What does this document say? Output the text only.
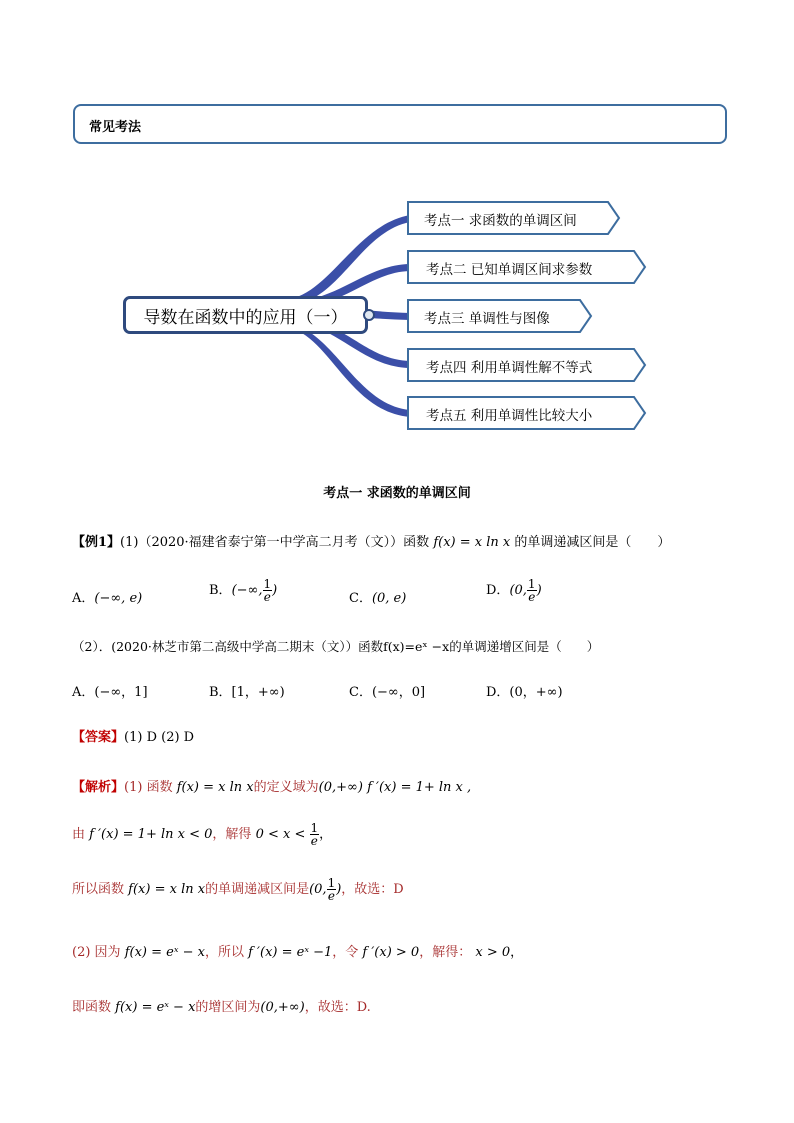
常见考法
导数在函数中的应用（一）
考点一 求函数的单调区间
考点二 已知单调区间求参数
考点三 单调性与图像
考点四 利用单调性解不等式
考点五 利用单调性比较大小
考点一 求函数的单调区间
【例1】(1)（2020·福建省泰宁第一中学高二月考（文））函数 f(x) = x ln x 的单调递减区间是（　　）
A．(−∞, e)
B．(−∞, $\frac{1}{e}$ )
C．(0, e)
D．(0, $\frac{1}{e}$ )
（2）．(2020·林芝市第二高级中学高二期末（文））函数f(x)=eˣ −x的单调递增区间是（　　）
A．(−∞，1]	B．[1，+∞)	C．(−∞，0]	D．(0，+∞)
【答案】(1) D (2) D
【解析】(1) 函数 f(x) = x ln x的定义域为(0,+∞) f ′(x) = 1+ ln x ,
由 f ′(x) = 1+ ln x < 0，解得 $0 < x < \frac{1}{e}$ ，
所以函数 f(x) = x ln x的单调递减区间是(0, $\frac{1}{e}$ )，故选：D
(2) 因为 f(x) = eˣ − x，所以 f ′(x) = eˣ −1，令 f ′(x) > 0，解得： x > 0，
即函数 f(x) = eˣ − x的增区间为(0,+∞)，故选：D.
